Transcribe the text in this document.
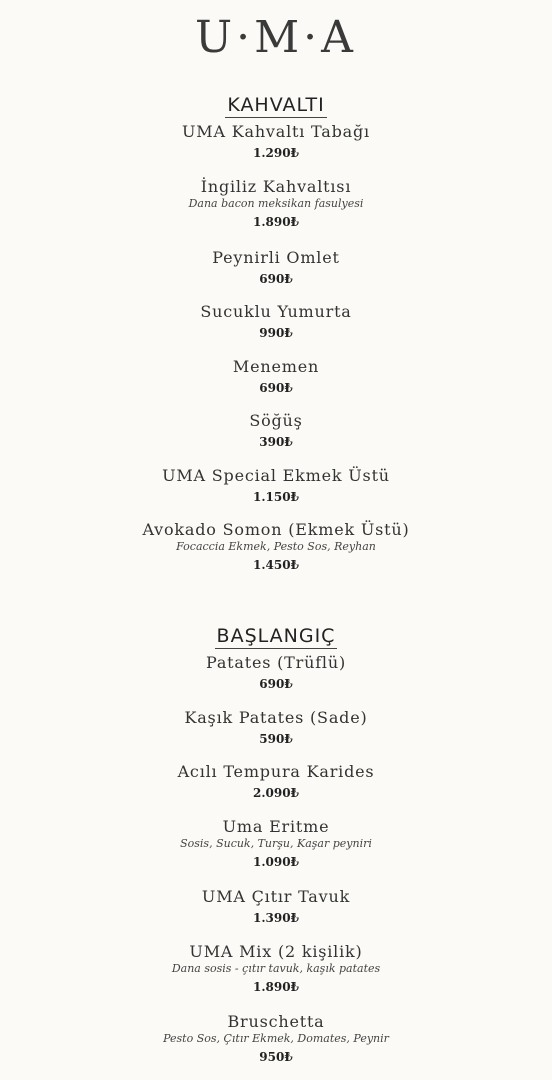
U·M·A
KAHVALTI
UMA Kahvaltı Tabağı
1.290₺
İngiliz Kahvaltısı
Dana bacon meksikan fasulyesi
1.890₺
Peynirli Omlet
690₺
Sucuklu Yumurta
990₺
Menemen
690₺
Söğüş
390₺
UMA Special Ekmek Üstü
1.150₺
Avokado Somon (Ekmek Üstü)
Focaccia Ekmek, Pesto Sos, Reyhan
1.450₺
BAŞLANGIÇ
Patates (Trüflü)
690₺
Kaşık Patates (Sade)
590₺
Acılı Tempura Karides
2.090₺
Uma Eritme
Sosis, Sucuk, Turşu, Kaşar peyniri
1.090₺
UMA Çıtır Tavuk
1.390₺
UMA Mix (2 kişilik)
Dana sosis - çıtır tavuk, kaşık patates
1.890₺
Bruschetta
Pesto Sos, Çıtır Ekmek, Domates, Peynir
950₺
